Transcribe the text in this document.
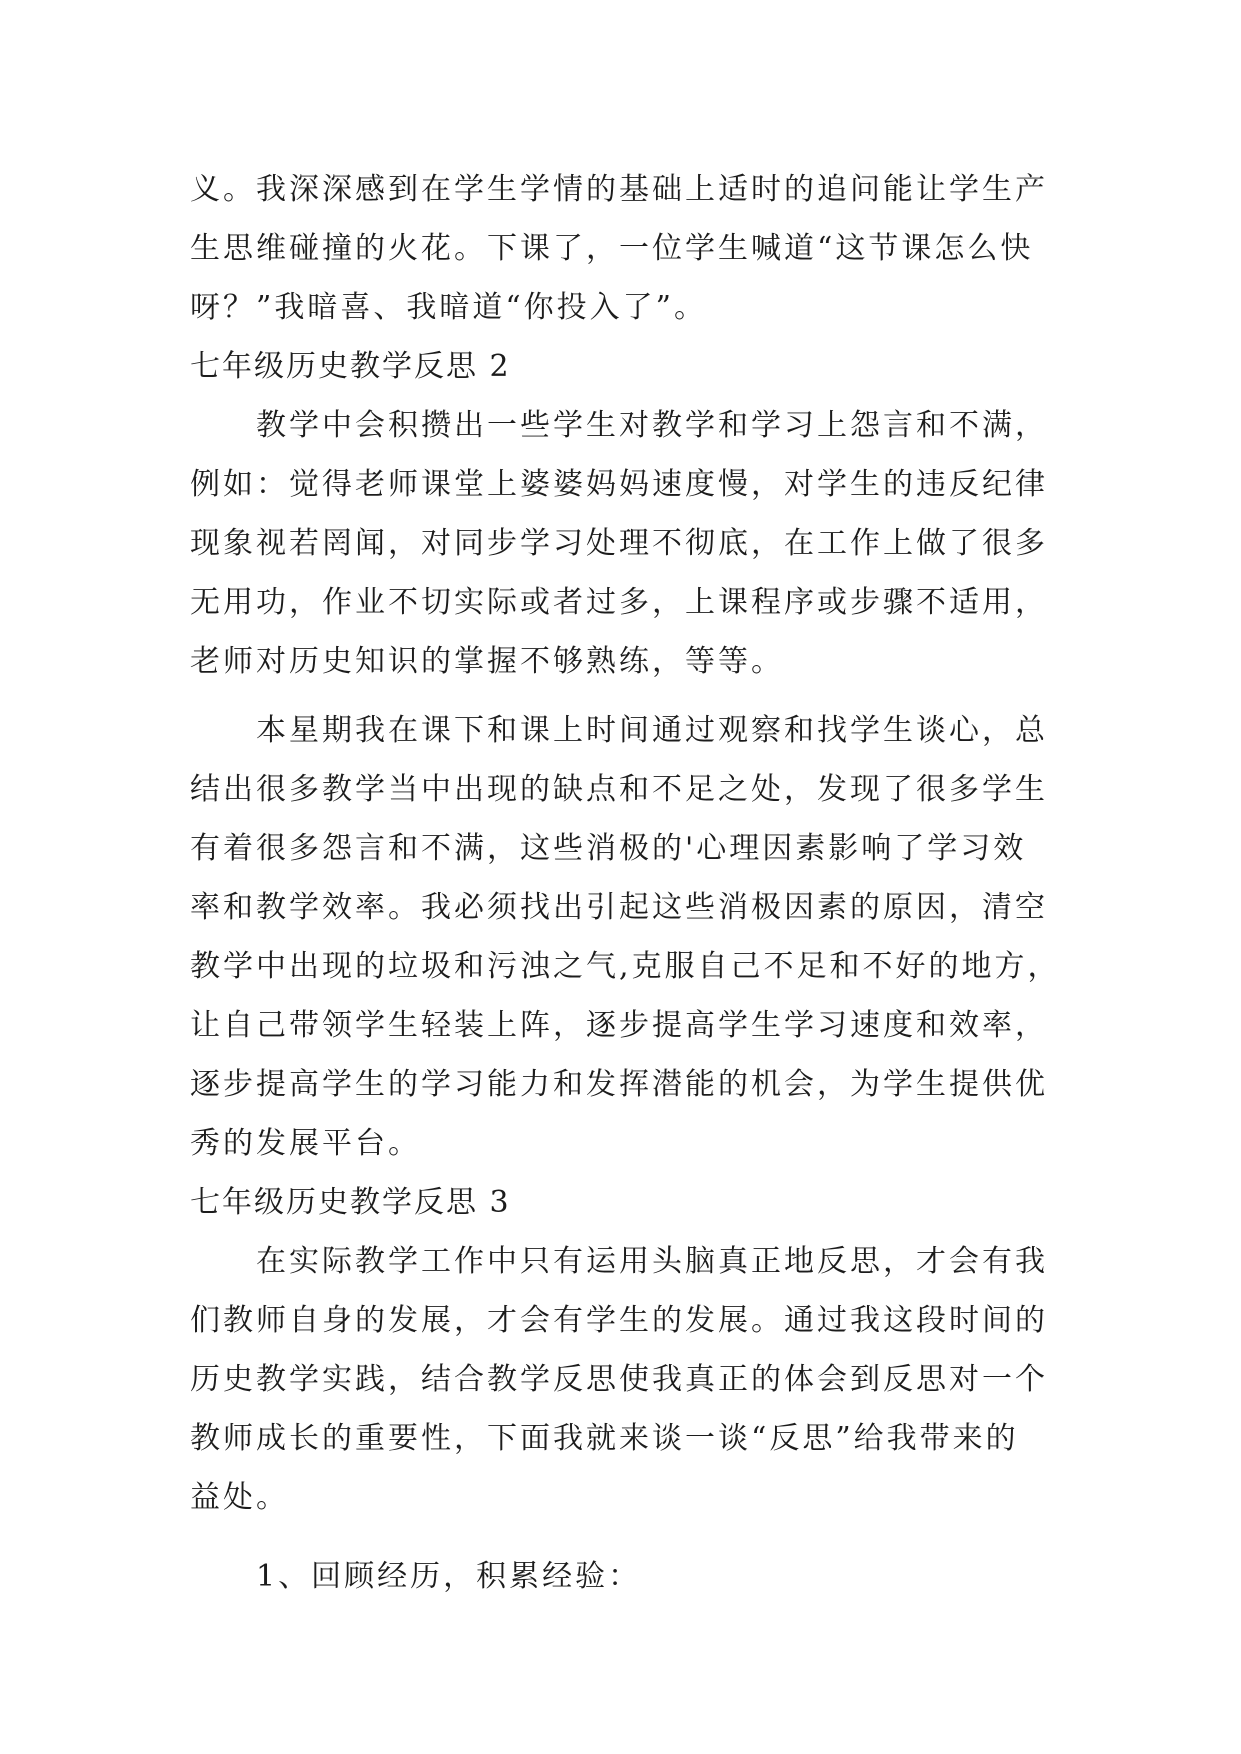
义。我深深感到在学生学情的基础上适时的追问能让学生产
生思维碰撞的火花。下课了，一位学生喊道“这节课怎么快
呀？”我暗喜、我暗道“你投入了”。
七年级历史教学反思 2
教学中会积攒出一些学生对教学和学习上怨言和不满，
例如：觉得老师课堂上婆婆妈妈速度慢，对学生的违反纪律
现象视若罔闻，对同步学习处理不彻底，在工作上做了很多
无用功，作业不切实际或者过多，上课程序或步骤不适用，
老师对历史知识的掌握不够熟练，等等。
本星期我在课下和课上时间通过观察和找学生谈心，总
结出很多教学当中出现的缺点和不足之处，发现了很多学生
有着很多怨言和不满，这些消极的'心理因素影响了学习效
率和教学效率。我必须找出引起这些消极因素的原因，清空
教学中出现的垃圾和污浊之气,克服自己不足和不好的地方，
让自己带领学生轻装上阵，逐步提高学生学习速度和效率，
逐步提高学生的学习能力和发挥潜能的机会，为学生提供优
秀的发展平台。
七年级历史教学反思 3
在实际教学工作中只有运用头脑真正地反思，才会有我
们教师自身的发展，才会有学生的发展。通过我这段时间的
历史教学实践，结合教学反思使我真正的体会到反思对一个
教师成长的重要性，下面我就来谈一谈“反思”给我带来的
益处。
1、回顾经历，积累经验：
